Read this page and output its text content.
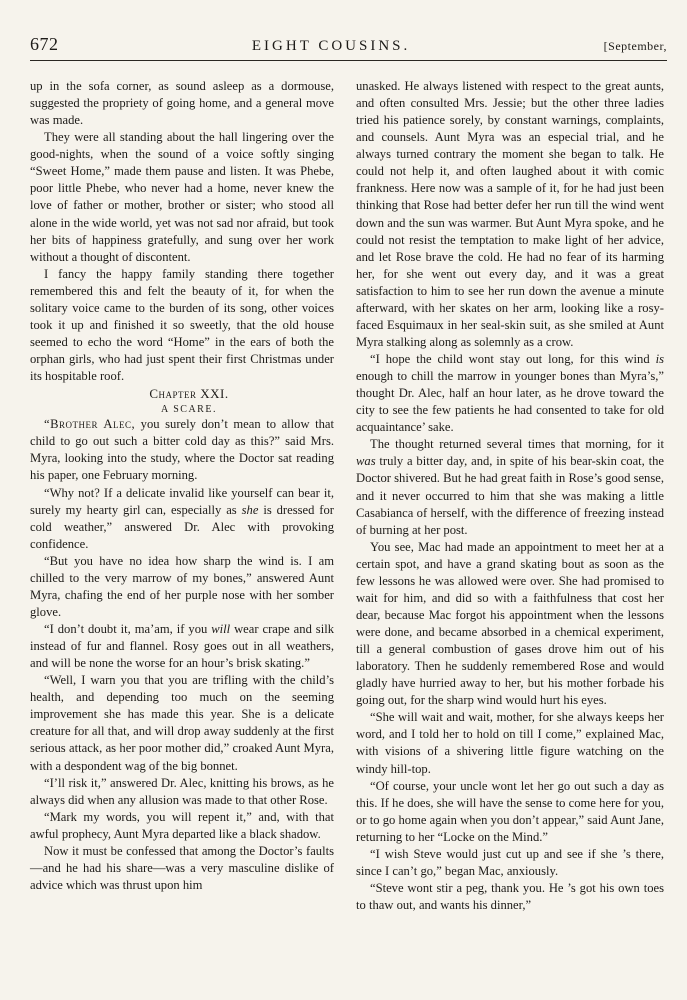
672	EIGHT COUSINS.	[September,

up in the sofa corner, as sound asleep as a dormouse, suggested the propriety of going home, and a general move was made.

They were all standing about the hall lingering over the good-nights, when the sound of a voice softly singing “Sweet Home,” made them pause and listen. It was Phebe, poor little Phebe, who never had a home, never knew the love of father or mother, brother or sister; who stood all alone in the wide world, yet was not sad nor afraid, but took her bits of happiness gratefully, and sung over her work without a thought of discontent.

I fancy the happy family standing there together remembered this and felt the beauty of it, for when the solitary voice came to the burden of its song, other voices took it up and finished it so sweetly, that the old house seemed to echo the word “Home” in the ears of both the orphan girls, who had just spent their first Christmas under its hospitable roof.

Chapter XXI.

A SCARE.

“Brother Alec, you surely don’t mean to allow that child to go out such a bitter cold day as this?” said Mrs. Myra, looking into the study, where the Doctor sat reading his paper, one February morning.

“Why not? If a delicate invalid like yourself can bear it, surely my hearty girl can, especially as she is dressed for cold weather,” answered Dr. Alec with provoking confidence.

“But you have no idea how sharp the wind is. I am chilled to the very marrow of my bones,” answered Aunt Myra, chafing the end of her purple nose with her somber glove.

“I don’t doubt it, ma’am, if you will wear crape and silk instead of fur and flannel. Rosy goes out in all weathers, and will be none the worse for an hour’s brisk skating.”

“Well, I warn you that you are trifling with the child’s health, and depending too much on the seeming improvement she has made this year. She is a delicate creature for all that, and will drop away suddenly at the first serious attack, as her poor mother did,” croaked Aunt Myra, with a despondent wag of the big bonnet.

“I’ll risk it,” answered Dr. Alec, knitting his brows, as he always did when any allusion was made to that other Rose.

“Mark my words, you will repent it,” and, with that awful prophecy, Aunt Myra departed like a black shadow.

Now it must be confessed that among the Doctor’s faults—and he had his share—was a very masculine dislike of advice which was thrust upon him

unasked. He always listened with respect to the great aunts, and often consulted Mrs. Jessie; but the other three ladies tried his patience sorely, by constant warnings, complaints, and counsels. Aunt Myra was an especial trial, and he always turned contrary the moment she began to talk. He could not help it, and often laughed about it with comic frankness. Here now was a sample of it, for he had just been thinking that Rose had better defer her run till the wind went down and the sun was warmer. But Aunt Myra spoke, and he could not resist the temptation to make light of her advice, and let Rose brave the cold. He had no fear of its harming her, for she went out every day, and it was a great satisfaction to him to see her run down the avenue a minute afterward, with her skates on her arm, looking like a rosy-faced Esquimaux in her seal-skin suit, as she smiled at Aunt Myra stalking along as solemnly as a crow.

“I hope the child wont stay out long, for this wind is enough to chill the marrow in younger bones than Myra’s,” thought Dr. Alec, half an hour later, as he drove toward the city to see the few patients he had consented to take for old acquaintance’ sake.

The thought returned several times that morning, for it was truly a bitter day, and, in spite of his bear-skin coat, the Doctor shivered. But he had great faith in Rose’s good sense, and it never occurred to him that she was making a little Casabianca of herself, with the difference of freezing instead of burning at her post.

You see, Mac had made an appointment to meet her at a certain spot, and have a grand skating bout as soon as the few lessons he was allowed were over. She had promised to wait for him, and did so with a faithfulness that cost her dear, because Mac forgot his appointment when the lessons were done, and became absorbed in a chemical experiment, till a general combustion of gases drove him out of his laboratory. Then he suddenly remembered Rose and would gladly have hurried away to her, but his mother forbade his going out, for the sharp wind would hurt his eyes.

“She will wait and wait, mother, for she always keeps her word, and I told her to hold on till I come,” explained Mac, with visions of a shivering little figure watching on the windy hill-top.

“Of course, your uncle wont let her go out such a day as this. If he does, she will have the sense to come here for you, or to go home again when you don’t appear,” said Aunt Jane, returning to her “Locke on the Mind.”

“I wish Steve would just cut up and see if she ’s there, since I can’t go,” began Mac, anxiously.

“Steve wont stir a peg, thank you. He ’s got his own toes to thaw out, and wants his dinner,”
